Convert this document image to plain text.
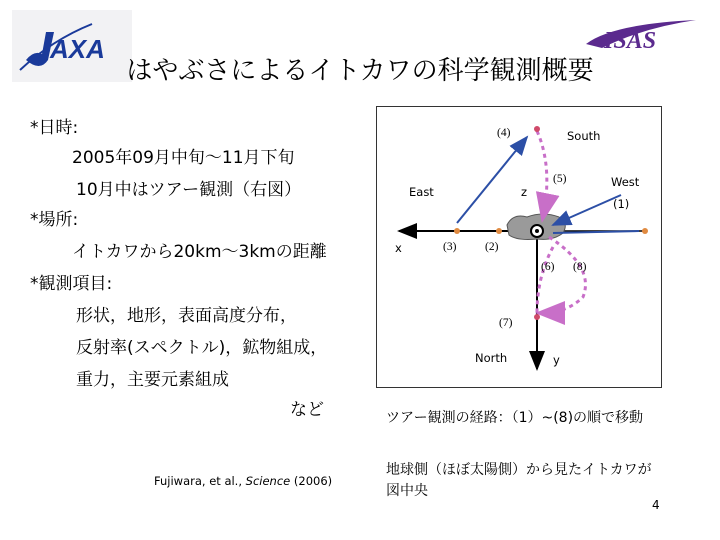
AXA	ISAS
はやぶさによるイトカワの科学観測概要
*日時:
2005年09月中旬～11月下旬
10月中はツアー観測（右図）
*場所:
イトカワから20km～3kmの距離
*観測項目:
形状，地形，表面高度分布，
反射率(スペクトル)，鉱物組成，
重力，主要元素組成
など
Fujiwara, et al., Science (2006)
South
West
(1)
East	z
(4)
(5)
x	(3) (2)
(6) (8)
(7)
North	y
ツアー観測の経路：（1）~(8)の順で移動
地球側（ほぼ太陽側）から見たイトカワが図中央
4
